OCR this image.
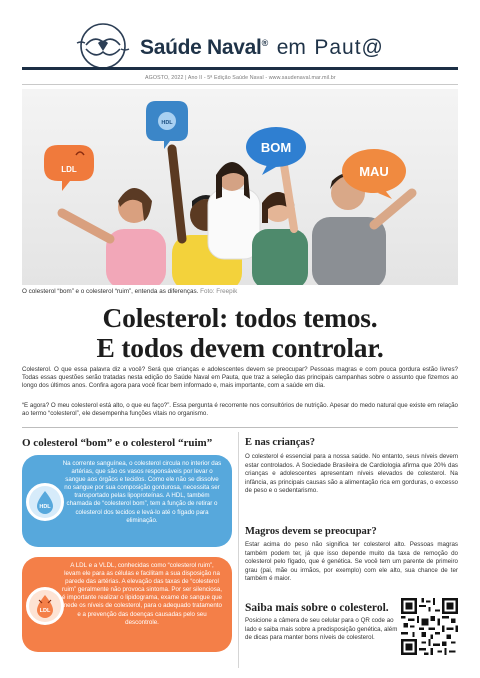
Saúde Naval® em Paut@
AGOSTO, 2022 | Ano II - 5ª Edição Saúde Naval - www.saudenaval.mar.mil.br
LDL
HDL
BOM
MAU
O colesterol “bom” e o colesterol “ruim”, entenda as diferenças. Foto: Freepik
Colesterol: todos temos.
E todos devem controlar.

Colesterol. O que essa palavra diz a você? Será que crianças e adolescentes devem se preocupar? Pessoas magras e com pouca gordura estão livres? Todas essas questões serão tratadas nesta edição do Saúde Naval em Pauta, que traz a seleção das principais campanhas sobre o assunto que fizemos ao longo dos últimos anos. Confira agora para você ficar bem informado e, mais importante, com a saúde em dia.

“E agora? O meu colesterol está alto, o que eu faço?”. Essa pergunta é recorrente nos consultórios de nutrição. Apesar do medo natural que existe em relação ao termo “colesterol”, ele desempenha funções vitais no organismo.

O colesterol “bom” e o colesterol “ruim”
HDL

Na corrente sanguínea, o colesterol circula no interior das artérias, que são os vasos responsáveis por levar o sangue aos órgãos e tecidos. Como ele não se dissolve no sangue por sua composição gordurosa, necessita ser transportado pelas lipoproteínas. A HDL, também chamada de “colesterol bom”, tem a função de retirar o colesterol dos tecidos e levá-lo até o fígado para eliminação.

LDL

A LDL e a VLDL, conhecidas como “colesterol ruim”, levam ele para as células e facilitam a sua disposição na parede das artérias. A elevação das taxas de “colesterol ruim” geralmente não provoca sintoma. Por ser silenciosa, é importante realizar o lipidograma, exame de sangue que mede os níveis de colesterol, para o adequado tratamento e a prevenção das doenças causadas pelo seu descontrole.

E nas crianças?

O colesterol é essencial para a nossa saúde. No entanto, seus níveis devem estar controlados. A Sociedade Brasileira de Cardiologia afirma que 20% das crianças e adolescentes apresentam níveis elevados de colesterol. Na infância, as principais causas são a alimentação rica em gorduras, o excesso de peso e o sedentarismo.

Magros devem se preocupar?

Estar acima do peso não significa ter colesterol alto. Pessoas magras também podem ter, já que isso depende muito da taxa de remoção do colesterol pelo fígado, que é genética. Se você tem um parente de primeiro grau (pai, mãe ou irmãos, por exemplo) com ele alto, sua chance de ter também é maior.

Saiba mais sobre o colesterol.

Posicione a câmera de seu celular para o QR code ao lado e saiba mais sobre a predisposição genética, além de dicas para manter bons níveis de colesterol.
